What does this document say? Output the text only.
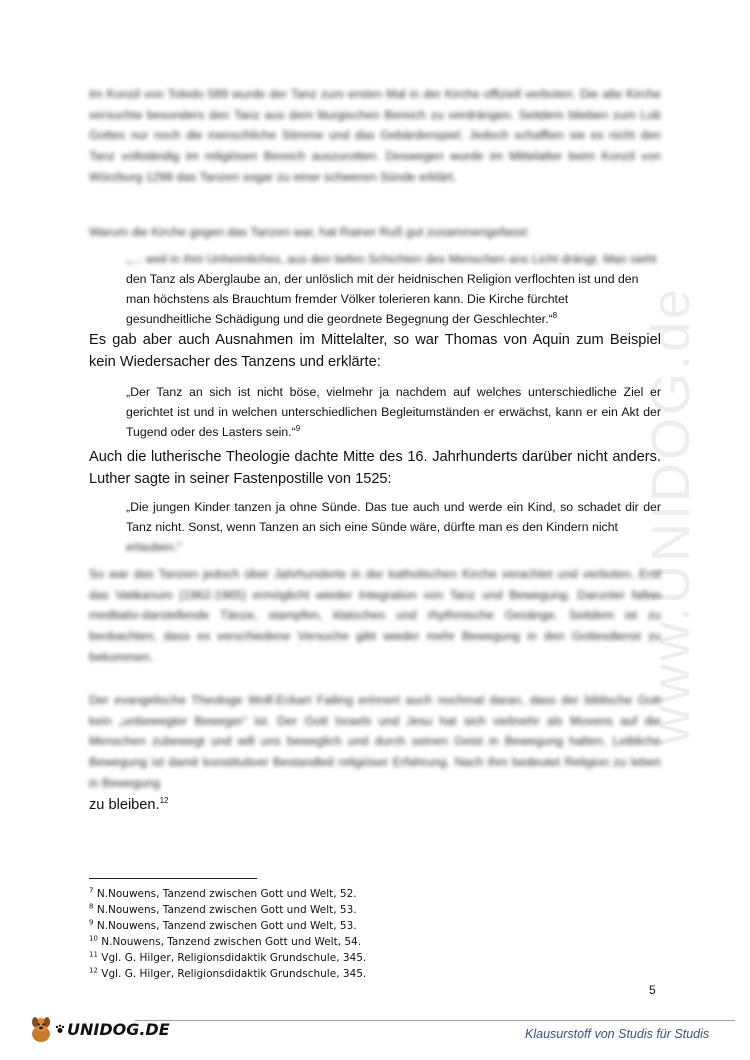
www.UNIDOG.de
Im Konzil von Toledo 589 wurde der Tanz zum ersten Mal in der Kirche offiziell verboten. Die alte Kirche versuchte besonders den Tanz aus dem liturgischen Bereich zu verdrängen. Seitdem blieben zum Lob Gottes nur noch die menschliche Stimme und das Gebärdenspiel. Jedoch schafften sie es nicht den Tanz vollständig im religiösen Bereich auszurotten. Deswegen wurde im Mittelalter beim Konzil von Würzburg 1298 das Tanzen sogar zu einer schweren Sünde erklärt.
Warum die Kirche gegen das Tanzen war, hat Rainer Ruß gut zusammengefasst:
„… weil in ihm Unheimliches, aus den tiefen Schichten des Menschen ans Licht drängt. Man sieht
den Tanz als Aberglaube an, der unlöslich mit der heidnischen Religion verflochten ist und den
man höchstens als Brauchtum fremder Völker tolerieren kann. Die Kirche fürchtet
gesundheitliche Schädigung und die geordnete Begegnung der Geschlechter.“$^8$
Es gab aber auch Ausnahmen im Mittelalter, so war Thomas von Aquin zum Beispiel kein Wiedersacher des Tanzens und erklärte:
„Der Tanz an sich ist nicht böse, vielmehr ja nachdem auf welches unterschiedliche Ziel er gerichtet ist und in welchen unterschiedlichen Begleitumständen er erwächst, kann er ein Akt der Tugend oder des Lasters sein.“$^9$
Auch die lutherische Theologie dachte Mitte des 16. Jahrhunderts darüber nicht anders. Luther sagte in seiner Fastenpostille von 1525:
„Die jungen Kinder tanzen ja ohne Sünde. Das tue auch und werde ein Kind, so schadet dir der Tanz nicht. Sonst, wenn Tanzen an sich eine Sünde wäre, dürfte man es den Kindern nicht
erlauben.“
So war das Tanzen jedoch über Jahrhunderte in der katholischen Kirche verachtet und verboten. Erst das Vatikanum (1962-1965) ermöglicht wieder Integration von Tanz und Bewegung. Darunter fallen meditativ-darstellende Tänze, stampfen, klatschen und rhythmische Gesänge. Seitdem ist zu beobachten, dass es verschiedene Versuche gibt wieder mehr Bewegung in den Gottesdienst zu bekommen.
Der evangelische Theologe Wolf-Eckart Failing erinnert auch nochmal daran, dass der biblische Gott kein „unbewegter Beweger“ ist. Der Gott Israels und Jesu hat sich vielmehr als Movens auf die Menschen zubewegt und will uns beweglich und durch seinen Geist in Bewegung halten. Leibliche Bewegung ist damit konstitutiver Bestandteil religiöser Erfahrung. Nach ihm bedeutet Religion zu leben in Bewegung
zu bleiben.$^{12}$
$^7$ N.Nouwens, Tanzend zwischen Gott und Welt, 52.
$^8$ N.Nouwens, Tanzend zwischen Gott und Welt, 53.
$^9$ N.Nouwens, Tanzend zwischen Gott und Welt, 53.
$^{10}$ N.Nouwens, Tanzend zwischen Gott und Welt, 54.
$^{11}$ Vgl. G. Hilger, Religionsdidaktik Grundschule, 345.
$^{12}$ Vgl. G. Hilger, Religionsdidaktik Grundschule, 345.
5
UNIDOG.DE	Klausurstoff von Studis für Studis
